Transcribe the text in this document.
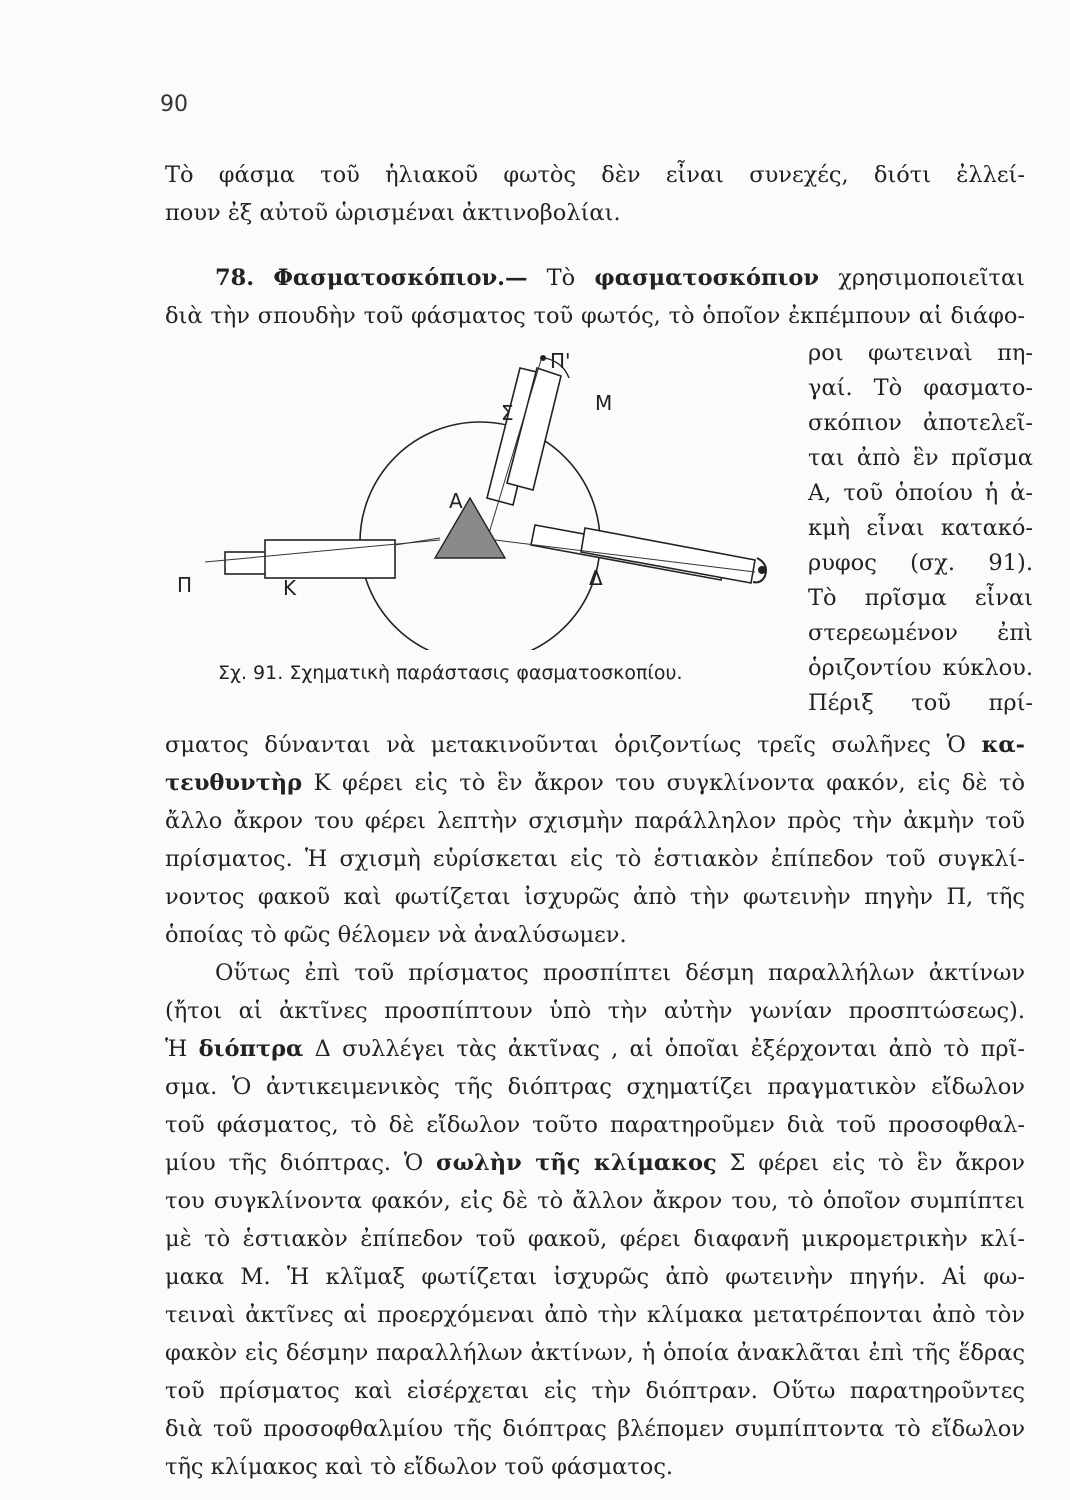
90
Τὸ φάσμα τοῦ ἡλιακοῦ φωτὸς δὲν εἶναι συνεχές, διότι ἐλλεί-
πουν ἐξ αὐτοῦ ὡρισμέναι ἀκτινοβολίαι.
78. Φασματοσκόπιον.— Τὸ φασματοσκόπιον χρησιμοποιεῖται
διὰ τὴν σπουδὴν τοῦ φάσματος τοῦ φωτός, τὸ ὁποῖον ἐκπέμπουν αἱ διάφο-
Π'
Σ	Μ
Α
Π	Κ	Δ
ροι φωτειναὶ πη-
γαί. Τὸ φασματο-
σκόπιον ἀποτελεῖ-
ται ἀπὸ ἓν πρῖσμα
Α, τοῦ ὁποίου ἡ ἀ-
κμὴ εἶναι κατακό-
ρυφος (σχ. 91).
Τὸ πρῖσμα εἶναι
στερεωμένον ἐπὶ
ὁριζοντίου κύκλου.
Πέριξ τοῦ πρί-
Σχ. 91. Σχηματικὴ παράστασις φασματοσκοπίου.
σματος δύνανται νὰ μετακινοῦνται ὁριζοντίως τρεῖς σωλῆνες Ὁ κα-
τευθυντὴρ Κ φέρει εἰς τὸ ἓν ἄκρον του συγκλίνοντα φακόν, εἰς δὲ τὸ
ἄλλο ἄκρον του φέρει λεπτὴν σχισμὴν παράλληλον πρὸς τὴν ἀκμὴν τοῦ
πρίσματος. Ἡ σχισμὴ εὑρίσκεται εἰς τὸ ἑστιακὸν ἐπίπεδον τοῦ συγκλί-
νοντος φακοῦ καὶ φωτίζεται ἰσχυρῶς ἀπὸ τὴν φωτεινὴν πηγὴν Π, τῆς
ὁποίας τὸ φῶς θέλομεν νὰ ἀναλύσωμεν.
Οὕτως ἐπὶ τοῦ πρίσματος προσπίπτει δέσμη παραλλήλων ἀκτίνων
(ἤτοι αἱ ἀκτῖνες προσπίπτουν ὑπὸ τὴν αὐτὴν γωνίαν προσπτώσεως).
Ἡ διόπτρα Δ συλλέγει τὰς ἀκτῖνας , αἱ ὁποῖαι ἐξέρχονται ἀπὸ τὸ πρῖ-
σμα. Ὁ ἀντικειμενικὸς τῆς διόπτρας σχηματίζει πραγματικὸν εἴδωλον
τοῦ φάσματος, τὸ δὲ εἴδωλον τοῦτο παρατηροῦμεν διὰ τοῦ προσοφθαλ-
μίου τῆς διόπτρας. Ὁ σωλὴν τῆς κλίμακος Σ φέρει εἰς τὸ ἓν ἄκρον
του συγκλίνοντα φακόν, εἰς δὲ τὸ ἄλλον ἄκρον του, τὸ ὁποῖον συμπίπτει
μὲ τὸ ἑστιακὸν ἐπίπεδον τοῦ φακοῦ, φέρει διαφανῆ μικρομετρικὴν κλί-
μακα Μ. Ἡ κλῖμαξ φωτίζεται ἰσχυρῶς ἀπὸ φωτεινὴν πηγήν. Αἱ φω-
τειναὶ ἀκτῖνες αἱ προερχόμεναι ἀπὸ τὴν κλίμακα μετατρέπονται ἀπὸ τὸν
φακὸν εἰς δέσμην παραλλήλων ἀκτίνων, ἡ ὁποία ἀνακλᾶται ἐπὶ τῆς ἕδρας
τοῦ πρίσματος καὶ εἰσέρχεται εἰς τὴν διόπτραν. Οὕτω παρατηροῦντες
διὰ τοῦ προσοφθαλμίου τῆς διόπτρας βλέπομεν συμπίπτοντα τὸ εἴδωλον
τῆς κλίμακος καὶ τὸ εἴδωλον τοῦ φάσματος.
